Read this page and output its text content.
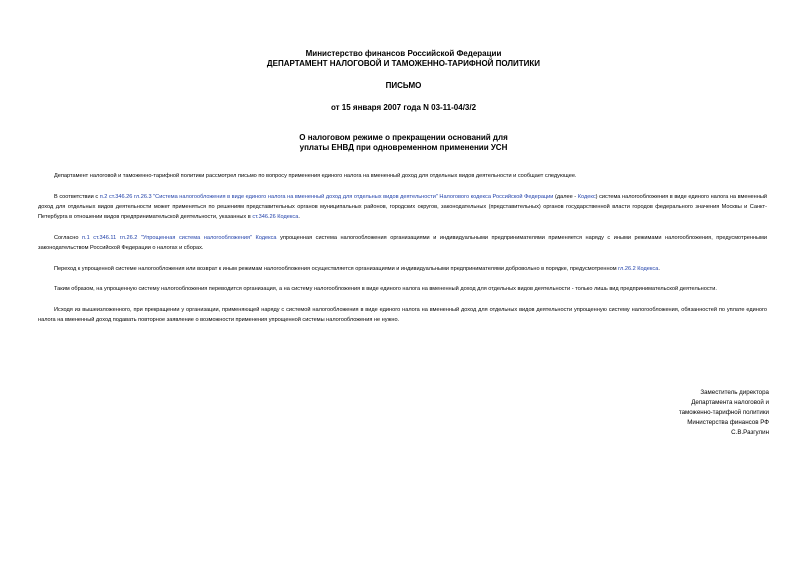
Министерство финансов Российской Федерации
ДЕПАРТАМЕНТ НАЛОГОВОЙ И ТАМОЖЕННО-ТАРИФНОЙ ПОЛИТИКИ
ПИСЬМО
от 15 января 2007 года N 03-11-04/3/2
О налоговом режиме о прекращении оснований для
уплаты ЕНВД при одновременном применении УСН

Департамент налоговой и таможенно-тарифной политики рассмотрел письмо по вопросу применения единого налога на вмененный доход для отдельных видов деятельности и сообщает следующее.

В соответствии с п.2 ст.346.26 гл.26.3 "Система налогообложения в виде единого налога на вмененный доход для отдельных видов деятельности" Налогового кодекса Российской Федерации (далее - Кодекс) система налогообложения в виде единого налога на вмененный доход для отдельных видов деятельности может применяться по решениям представительных органов муниципальных районов, городских округов, законодательных (представительных) органов государственной власти городов федерального значения Москвы и Санкт-Петербурга в отношении видов предпринимательской деятельности, указанных в ст.346.26 Кодекса.

Согласно п.1 ст.346.11 гл.26.2 "Упрощенная система налогообложения" Кодекса упрощенная система налогообложения организациями и индивидуальными предпринимателями применяется наряду с иными режимами налогообложения, предусмотренными законодательством Российской Федерации о налогах и сборах.

Переход к упрощенной системе налогообложения или возврат к иным режимам налогообложения осуществляется организациями и индивидуальными предпринимателями добровольно в порядке, предусмотренном гл.26.2 Кодекса.

Таким образом, на упрощенную систему налогообложения переводится организация, а на систему налогообложения в виде единого налога на вмененный доход для отдельных видов деятельности - только лишь вид предпринимательской деятельности.

Исходя из вышеизложенного, при прекращении у организации, применяющей наряду с системой налогообложения в виде единого налога на вмененный доход для отдельных видов деятельности упрощенную систему налогообложения, обязанностей по уплате единого налога на вмененный доход подавать повторное заявление о возможности применения упрощенной системы налогообложения не нужно.

Заместитель директора
Департамента налоговой и
таможенно-тарифной политики
Министерства финансов РФ
С.В.Разгулин
